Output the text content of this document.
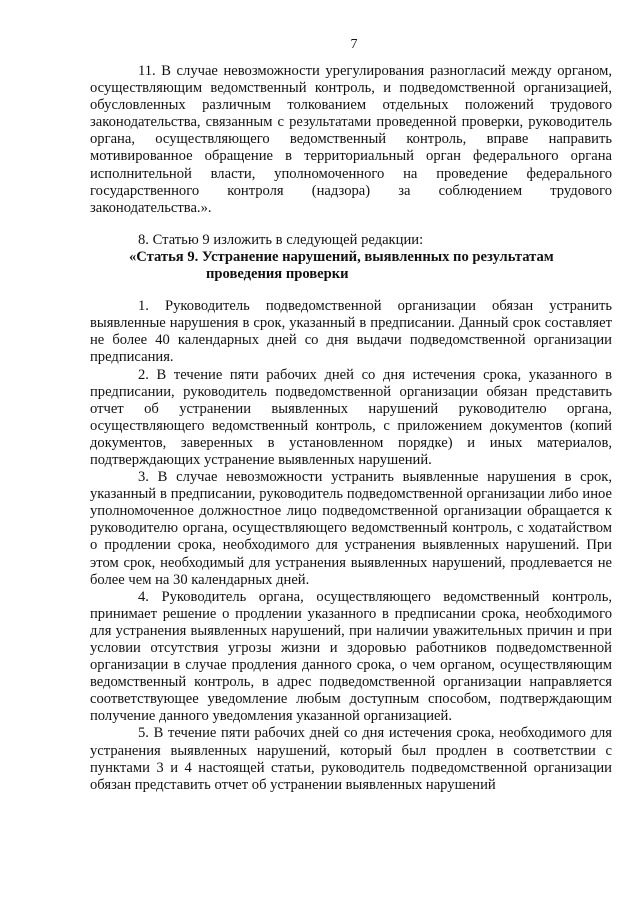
7

11. В случае невозможности урегулирования разногласий между органом, осуществляющим ведомственный контроль, и подведомственной организацией, обусловленных различным толкованием отдельных положений трудового законодательства, связанным с результатами проведенной проверки, руководитель органа, осуществляющего ведомственный контроль, вправе направить мотивированное обращение в территориальный орган федерального органа исполнительной власти, уполномоченного на проведение федерального государственного контроля (надзора) за соблюдением трудового законодательства.».

8. Статью 9 изложить в следующей редакции:

«Статья 9. Устранение нарушений, выявленных по результатам
проведения проверки

1. Руководитель подведомственной организации обязан устранить выявленные нарушения в срок, указанный в предписании. Данный срок составляет не более 40 календарных дней со дня выдачи подведомственной организации предписания.

2. В течение пяти рабочих дней со дня истечения срока, указанного в предписании, руководитель подведомственной организации обязан представить отчет об устранении выявленных нарушений руководителю органа, осуществляющего ведомственный контроль, с приложением документов (копий документов, заверенных в установленном порядке) и иных материалов, подтверждающих устранение выявленных нарушений.

3. В случае невозможности устранить выявленные нарушения в срок, указанный в предписании, руководитель подведомственной организации либо иное уполномоченное должностное лицо подведомственной организации обращается к руководителю органа, осуществляющего ведомственный контроль, с ходатайством о продлении срока, необходимого для устранения выявленных нарушений. При этом срок, необходимый для устранения выявленных нарушений, продлевается не более чем на 30 календарных дней.

4. Руководитель органа, осуществляющего ведомственный контроль, принимает решение о продлении указанного в предписании срока, необходимого для устранения выявленных нарушений, при наличии уважительных причин и при условии отсутствия угрозы жизни и здоровью работников подведомственной организации в случае продления данного срока, о чем органом, осуществляющим ведомственный контроль, в адрес подведомственной организации направляется соответствующее уведомление любым доступным способом, подтверждающим получение данного уведомления указанной организацией.

5. В течение пяти рабочих дней со дня истечения срока, необходимого для устранения выявленных нарушений, который был продлен в соответствии с пунктами 3 и 4 настоящей статьи, руководитель подведомственной организации обязан представить отчет об устранении выявленных нарушений
